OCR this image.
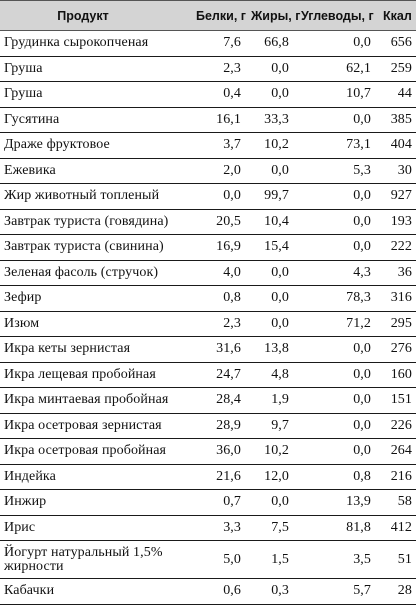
Продукт	Белки, г	Жиры, г	Углеводы, г	Ккал
Грудинка сырокопченая	7,6	66,8	0,0	656
Груша	2,3	0,0	62,1	259
Груша	0,4	0,0	10,7	44
Гусятина	16,1	33,3	0,0	385
Драже фруктовое	3,7	10,2	73,1	404
Ежевика	2,0	0,0	5,3	30
Жир животный топленый	0,0	99,7	0,0	927
Завтрак туриста (говядина)	20,5	10,4	0,0	193
Завтрак туриста (свинина)	16,9	15,4	0,0	222
Зеленая фасоль (стручок)	4,0	0,0	4,3	36
Зефир	0,8	0,0	78,3	316
Изюм	2,3	0,0	71,2	295
Икра кеты зернистая	31,6	13,8	0,0	276
Икра лещевая пробойная	24,7	4,8	0,0	160
Икра минтаевая пробойная	28,4	1,9	0,0	151
Икра осетровая зернистая	28,9	9,7	0,0	226
Икра осетровая пробойная	36,0	10,2	0,0	264
Индейка	21,6	12,0	0,8	216
Инжир	0,7	0,0	13,9	58
Ирис	3,3	7,5	81,8	412
Йогурт натуральный 1,5% жирности	5,0	1,5	3,5	51
Кабачки	0,6	0,3	5,7	28
